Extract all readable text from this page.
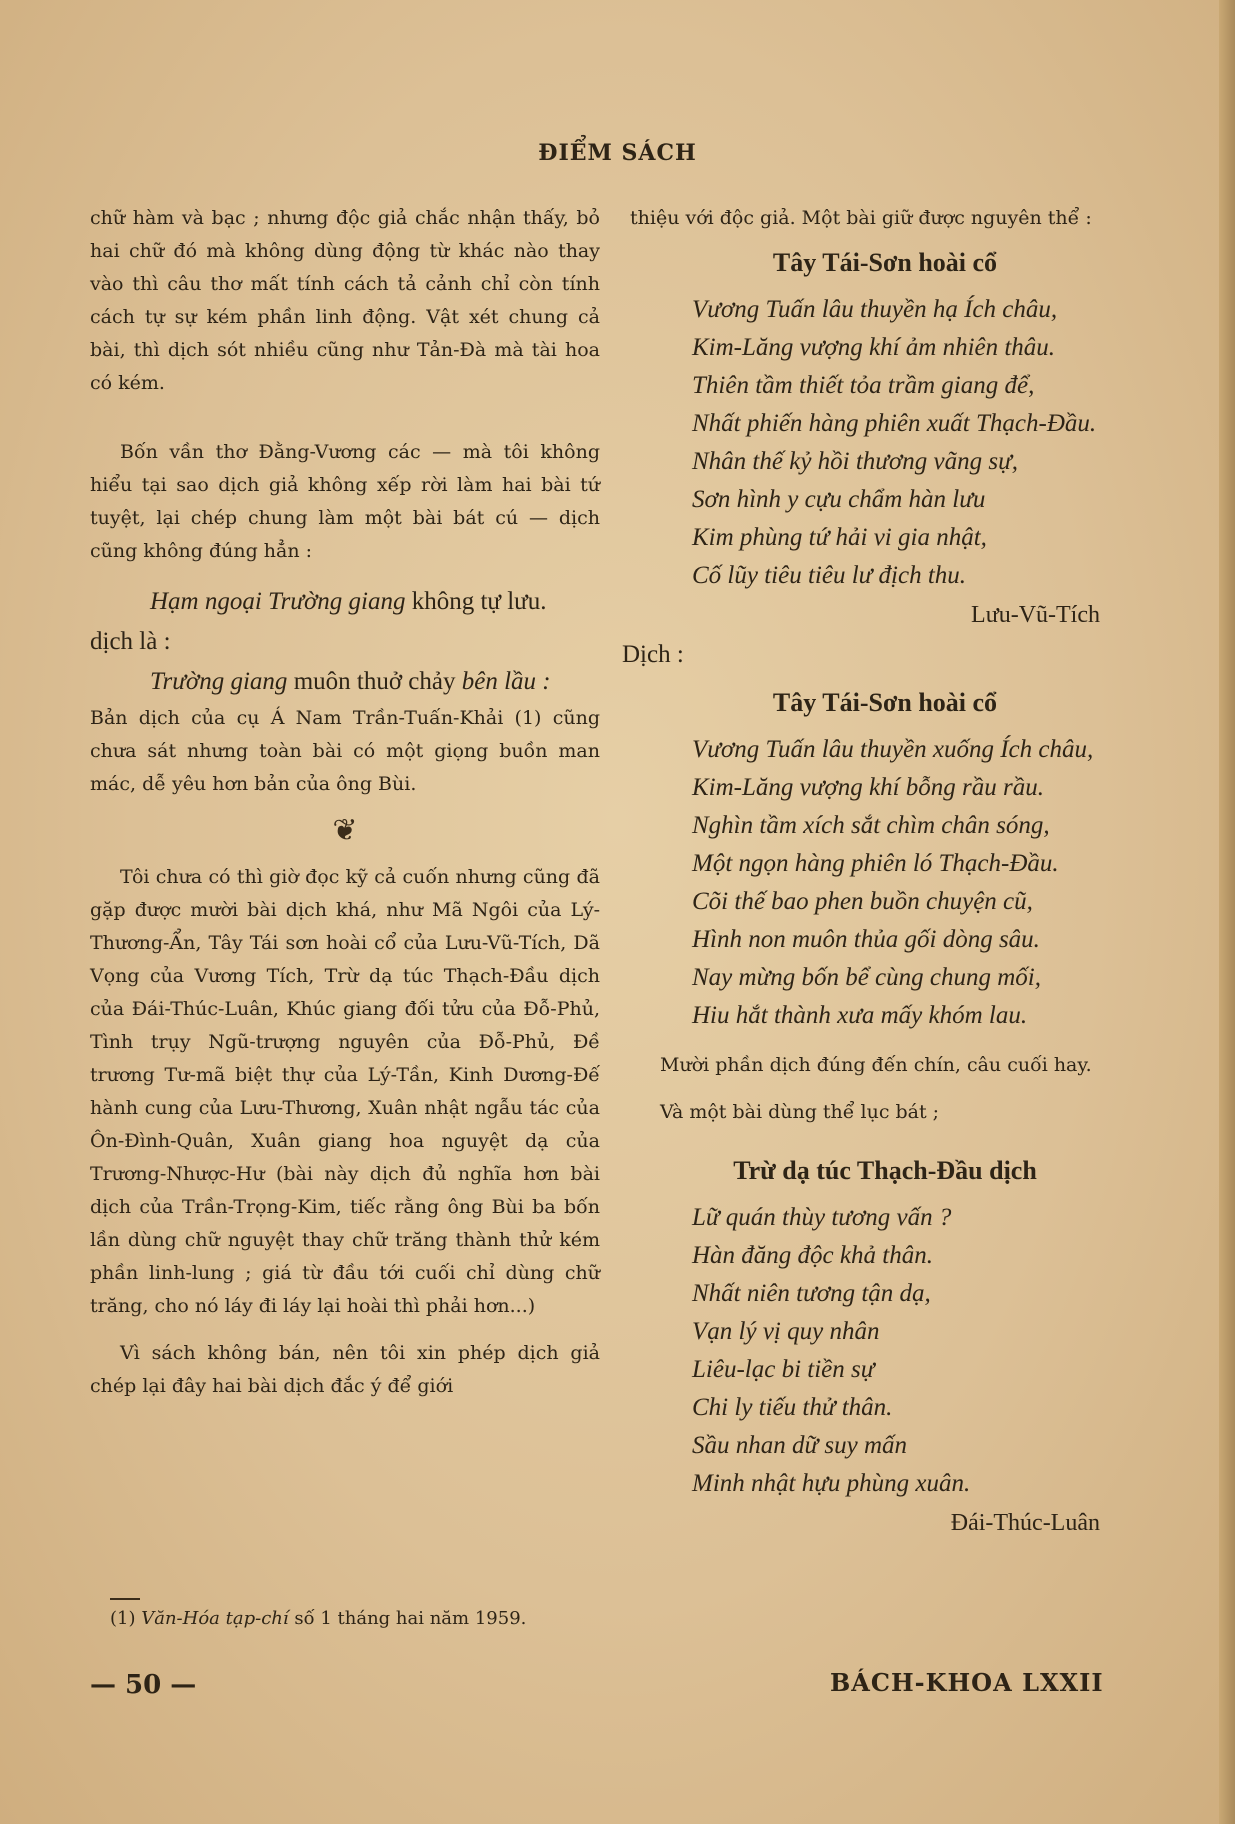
ĐIỂM SÁCH

chữ hàm và bạc ; nhưng độc giả chắc nhận thấy, bỏ hai chữ đó mà không dùng động từ khác nào thay vào thì câu thơ mất tính cách tả cảnh chỉ còn tính cách tự sự kém phần linh động. Vật xét chung cả bài, thì dịch sót nhiều cũng như Tản-Đà mà tài hoa có kém.

Bốn vần thơ Đằng-Vương các — mà tôi không hiểu tại sao dịch giả không xếp rời làm hai bài tứ tuyệt, lại chép chung làm một bài bát cú — dịch cũng không đúng hẳn :

Hạm ngoại Trường giang không tự lưu.
dịch là :
Trường giang muôn thuở chảy bên lầu :

Bản dịch của cụ Á Nam Trần-Tuấn-Khải (1) cũng chưa sát nhưng toàn bài có một giọng buồn man mác, dễ yêu hơn bản của ông Bùi.

❦

Tôi chưa có thì giờ đọc kỹ cả cuốn nhưng cũng đã gặp được mười bài dịch khá, như Mã Ngôi của Lý-Thương-Ẩn, Tây Tái sơn hoài cổ của Lưu-Vũ-Tích, Dã Vọng của Vương Tích, Trừ dạ túc Thạch-Đầu dịch của Đái-Thúc-Luân, Khúc giang đối tửu của Đỗ-Phủ, Tình trụy Ngũ-trượng nguyên của Đỗ-Phủ, Đề trương Tư-mã biệt thự của Lý-Tần, Kinh Dương-Đế hành cung của Lưu-Thương, Xuân nhật ngẫu tác của Ôn-Đình-Quân, Xuân giang hoa nguyệt dạ của Trương-Nhược-Hư (bài này dịch đủ nghĩa hơn bài dịch của Trần-Trọng-Kim, tiếc rằng ông Bùi ba bốn lần dùng chữ nguyệt thay chữ trăng thành thử kém phần linh-lung ; giá từ đầu tới cuối chỉ dùng chữ trăng, cho nó láy đi láy lại hoài thì phải hơn...)

Vì sách không bán, nên tôi xin phép dịch giả chép lại đây hai bài dịch đắc ý để giới

thiệu với độc giả. Một bài giữ được nguyên thể :

Tây Tái-Sơn hoài cổ
Vương Tuấn lâu thuyền hạ Ích châu,
Kim-Lăng vượng khí ảm nhiên thâu.
Thiên tầm thiết tỏa trầm giang để,
Nhất phiến hàng phiên xuất Thạch-Đầu.
Nhân thế kỷ hồi thương vãng sự,
Sơn hình y cựu chẩm hàn lưu
Kim phùng tứ hải vi gia nhật,
Cố lũy tiêu tiêu lư địch thu.
Lưu-Vũ-Tích
Dịch :
Tây Tái-Sơn hoài cổ
Vương Tuấn lâu thuyền xuống Ích châu,
Kim-Lăng vượng khí bỗng rầu rầu.
Nghìn tầm xích sắt chìm chân sóng,
Một ngọn hàng phiên ló Thạch-Đầu.
Cõi thế bao phen buồn chuyện cũ,
Hình non muôn thủa gối dòng sâu.
Nay mừng bốn bể cùng chung mối,
Hiu hắt thành xưa mấy khóm lau.

Mười phần dịch đúng đến chín, câu cuối hay.

Và một bài dùng thể lục bát ;

Trừ dạ túc Thạch-Đầu dịch
Lữ quán thùy tương vấn ?
Hàn đăng độc khả thân.
Nhất niên tương tận dạ,
Vạn lý vị quy nhân
Liêu-lạc bi tiền sự
Chi ly tiếu thử thân.
Sầu nhan dữ suy mấn
Minh nhật hựu phùng xuân.
Đái-Thúc-Luân
(1) Văn-Hóa tạp-chí số 1 tháng hai năm 1959.
— 50 —	BÁCH-KHOA LXXII
